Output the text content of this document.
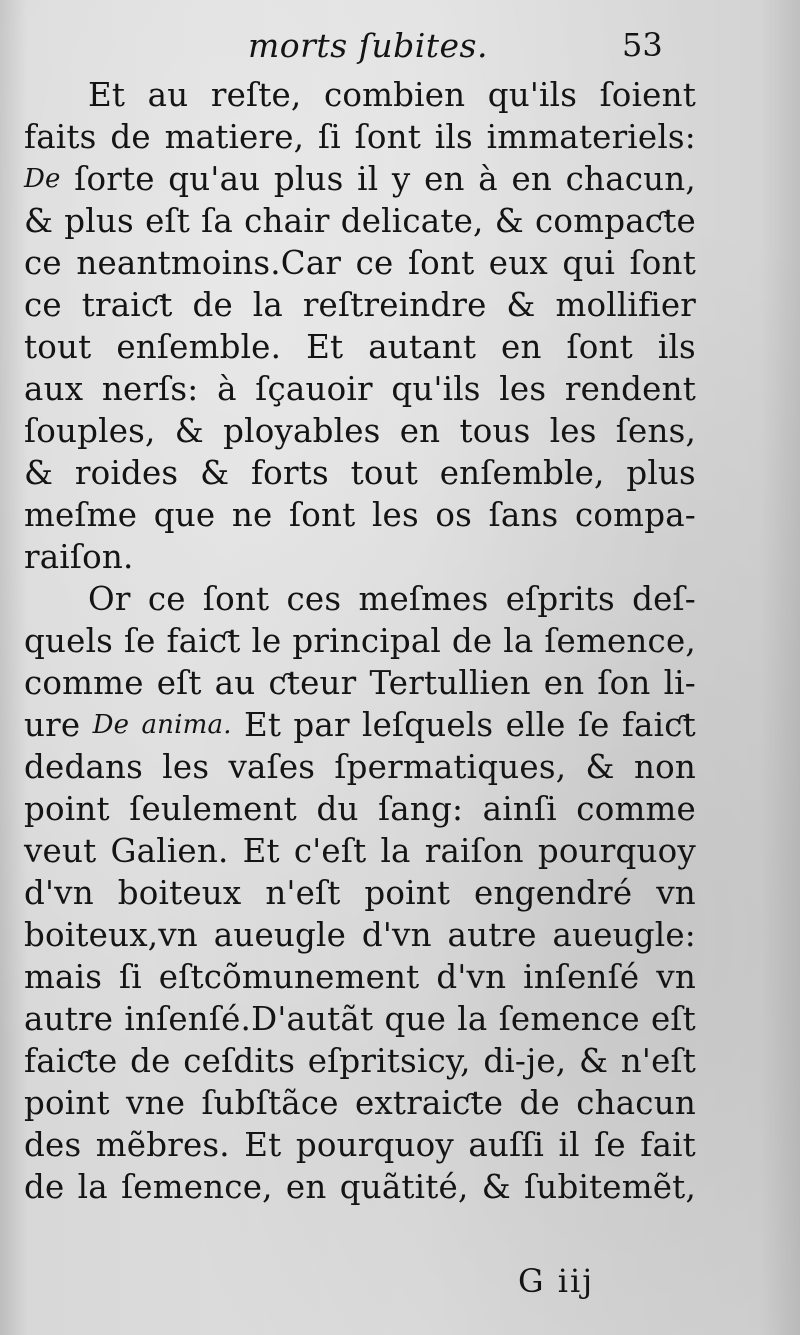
morts ſubites.	53
Et au reſte, combien qu'ils ſoient
faits de matiere, ſi ſont ils immateriels:
De ſorte qu'au plus il y en à en chacun,
& plus eſt ſa chair delicate, & compaƈte
ce neantmoins.Car ce ſont eux qui ſont
ce traiƈt de la reſtreindre & mollifier
tout enſemble. Et autant en ſont ils
aux nerſs: à ſçauoir qu'ils les rendent
ſouples, & ployables en tous les ſens,
& roides & forts tout enſemble, plus
meſme que ne ſont les os ſans compa-
raiſon.
Or ce ſont ces meſmes eſprits deſ-
quels ſe faiƈt le principal de la ſemence,
comme eſt au ƈteur Tertullien en ſon li-
ure De anima. Et par leſquels elle ſe faiƈt
dedans les vaſes ſpermatiques, & non
point ſeulement du ſang: ainſi comme
veut Galien. Et c'eſt la raiſon pourquoy
d'vn boiteux n'eſt point engendré vn
boiteux,vn aueugle d'vn autre aueugle:
mais ſi eſtcõmunement d'vn inſenſé vn
autre inſenſé.D'autãt que la ſemence eſt
faiƈte de ceſdits eſpritsicy, di-je, & n'eſt
point vne ſubſtãce extraiƈte de chacun
des mẽbres. Et pourquoy auſſi il ſe fait
de la ſemence, en quãtité, & ſubitemẽt,
G iij
